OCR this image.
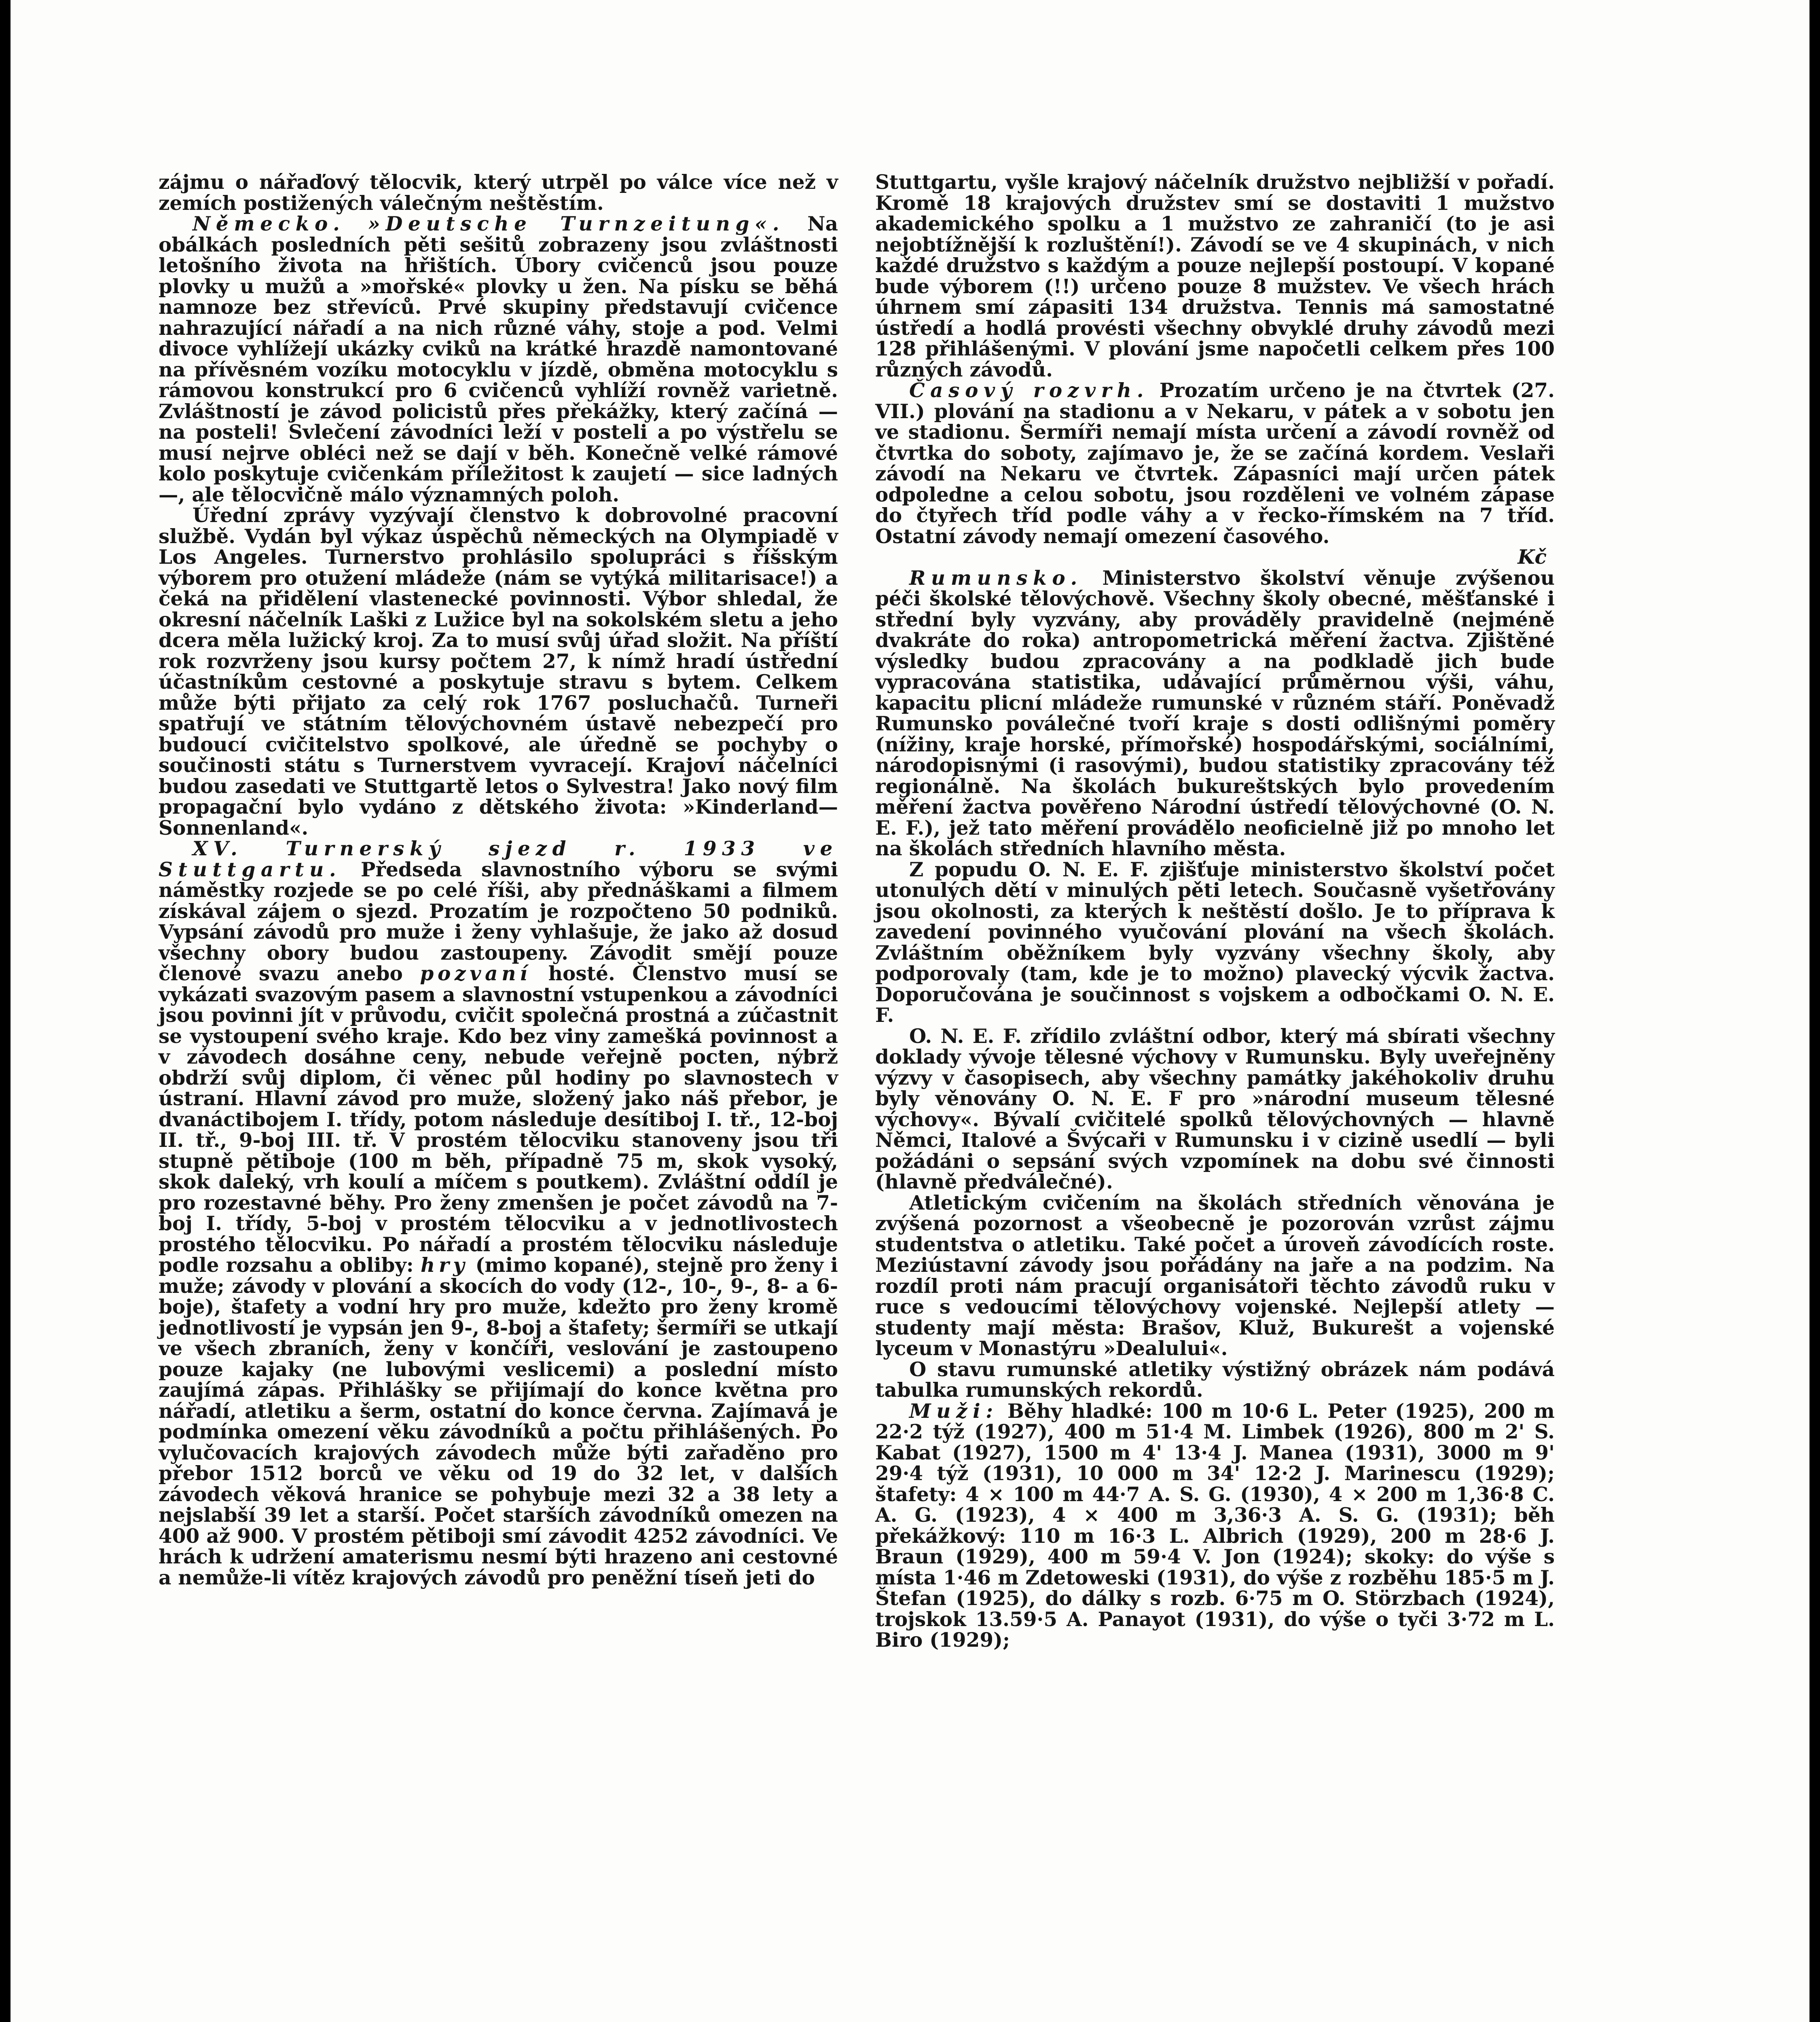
zájmu o nářaďový tělocvik, který utrpěl po válce více než v zemích postižených válečným neštěstím.

Německo. »Deutsche Turnzeitung«. Na obálkách posledních pěti sešitů zobrazeny jsou zvláštnosti letošního života na hřištích. Úbory cvičenců jsou pouze plovky u mužů a »mořské« plovky u žen. Na písku se běhá namnoze bez střevíců. Prvé skupiny představují cvičence nahrazující nářadí a na nich různé váhy, stoje a pod. Velmi divoce vyhlížejí ukázky cviků na krátké hrazdě namontované na přívěsném vozíku motocyklu v jízdě, obměna motocyklu s rámovou konstrukcí pro 6 cvičenců vyhlíží rovněž varietně. Zvláštností je závod policistů přes překážky, který začíná — na posteli! Svlečení závodníci leží v posteli a po výstřelu se musí nejrve obléci než se dají v běh. Konečně velké rámové kolo poskytuje cvičenkám příležitost k zaujetí — sice ladných —, ale tělocvičně málo významných poloh.

Úřední zprávy vyzývají členstvo k dobrovolné pracovní službě. Vydán byl výkaz úspěchů německých na Olympiadě v Los Angeles. Turnerstvo prohlásilo spolupráci s říšským výborem pro otužení mládeže (nám se vytýká militarisace!) a čeká na přidělení vlastenecké povinnosti. Výbor shledal, že okresní náčelník Laški z Lužice byl na sokolském sletu a jeho dcera měla lužický kroj. Za to musí svůj úřad složit. Na příští rok rozvrženy jsou kursy počtem 27, k nímž hradí ústřední účastníkům cestovné a poskytuje stravu s bytem. Celkem může býti přijato za celý rok 1767 posluchačů. Turneři spatřují ve státním tělovýchovném ústavě nebezpečí pro budoucí cvičitelstvo spolkové, ale úředně se pochyby o součinosti státu s Turnerstvem vyvracejí. Krajoví náčelníci budou zasedati ve Stuttgartě letos o Sylvestra! Jako nový film propagační bylo vydáno z dětského života: »Kinderland—Sonnenland«.

XV. Turnerský sjezd r. 1933 ve Stuttgartu. Předseda slavnostního výboru se svými náměstky rozjede se po celé říši, aby přednáškami a filmem získával zájem o sjezd. Prozatím je rozpočteno 50 podniků. Vypsání závodů pro muže i ženy vyhlašuje, že jako až dosud všechny obory budou zastoupeny. Závodit smějí pouze členové svazu anebo pozvaní hosté. Členstvo musí se vykázati svazovým pasem a slavnostní vstupenkou a závodníci jsou povinni jít v průvodu, cvičit společná prostná a zúčastnit se vystoupení svého kraje. Kdo bez viny zamešká povinnost a v závodech dosáhne ceny, nebude veřejně pocten, nýbrž obdrží svůj diplom, či věnec půl hodiny po slavnostech v ústraní. Hlavní závod pro muže, složený jako náš přebor, je dvanáctibojem I. třídy, potom následuje desítiboj I. tř., 12-boj II. tř., 9-boj III. tř. V prostém tělocviku stanoveny jsou tři stupně pětiboje (100 m běh, případně 75 m, skok vysoký, skok daleký, vrh koulí a míčem s poutkem). Zvláštní oddíl je pro rozestavné běhy. Pro ženy zmenšen je počet závodů na 7-boj I. třídy, 5-boj v prostém tělocviku a v jednotlivostech prostého tělocviku. Po nářadí a prostém tělocviku následuje podle rozsahu a obliby: hry (mimo kopané), stejně pro ženy i muže; závody v plování a skocích do vody (12-, 10-, 9-, 8- a 6-boje), štafety a vodní hry pro muže, kdežto pro ženy kromě jednotlivostí je vypsán jen 9-, 8-boj a štafety; šermíři se utkají ve všech zbraních, ženy v končíři, veslování je zastoupeno pouze kajaky (ne lubovými veslicemi) a poslední místo zaujímá zápas. Přihlášky se přijímají do konce května pro nářadí, atletiku a šerm, ostatní do konce června. Zajímavá je podmínka omezení věku závodníků a počtu přihlášených. Po vylučovacích krajových závodech může býti zařaděno pro přebor 1512 borců ve věku od 19 do 32 let, v dalších závodech věková hranice se pohybuje mezi 32 a 38 lety a nejslabší 39 let a starší. Počet starších závodníků omezen na 400 až 900. V prostém pětiboji smí závodit 4252 závodníci. Ve hrách k udržení amaterismu nesmí býti hrazeno ani cestovné a nemůže-li vítěz krajových závodů pro peněžní tíseň jeti do

Stuttgartu, vyšle krajový náčelník družstvo nejbližší v pořadí. Kromě 18 krajových družstev smí se dostaviti 1 mužstvo akademického spolku a 1 mužstvo ze zahraničí (to je asi nejobtížnější k rozluštění!). Závodí se ve 4 skupinách, v nich každé družstvo s každým a pouze nejlepší postoupí. V kopané bude výborem (!!) určeno pouze 8 mužstev. Ve všech hrách úhrnem smí zápasiti 134 družstva. Tennis má samostatné ústředí a hodlá provésti všechny obvyklé druhy závodů mezi 128 přihlášenými. V plování jsme napočetli celkem přes 100 různých závodů.

Časový rozvrh. Prozatím určeno je na čtvrtek (27. VII.) plování na stadionu a v Nekaru, v pátek a v sobotu jen ve stadionu. Šermíři nemají místa určení a závodí rovněž od čtvrtka do soboty, zajímavo je, že se začíná kordem. Veslaři závodí na Nekaru ve čtvrtek. Zápasníci mají určen pátek odpoledne a celou sobotu, jsou rozděleni ve volném zápase do čtyřech tříd podle váhy a v řecko-římském na 7 tříd. Ostatní závody nemají omezení časového.
Kč

Rumunsko. Ministerstvo školství věnuje zvýšenou péči školské tělovýchově. Všechny školy obecné, měšťanské i střední byly vyzvány, aby prováděly pravidelně (nejméně dvakráte do roka) antropometrická měření žactva. Zjištěné výsledky budou zpracovány a na podkladě jich bude vypracována statistika, udávající průměrnou výši, váhu, kapacitu plicní mládeže rumunské v různém stáří. Poněvadž Rumunsko poválečné tvoří kraje s dosti odlišnými poměry (nížiny, kraje horské, přímořské) hospodářskými, sociálními, národopisnými (i rasovými), budou statistiky zpracovány též regionálně. Na školách bukureštských bylo provedením měření žactva pověřeno Národní ústředí tělovýchovné (O. N. E. F.), jež tato měření provádělo neoficielně již po mnoho let na školách středních hlavního města.

Z popudu O. N. E. F. zjišťuje ministerstvo školství počet utonulých dětí v minulých pěti letech. Současně vyšetřovány jsou okolnosti, za kterých k neštěstí došlo. Je to příprava k zavedení povinného vyučování plování na všech školách. Zvláštním oběžníkem byly vyzvány všechny školy, aby podporovaly (tam, kde je to možno) plavecký výcvik žactva. Doporučována je součinnost s vojskem a odbočkami O. N. E. F.

O. N. E. F. zřídilo zvláštní odbor, který má sbírati všechny doklady vývoje tělesné výchovy v Rumunsku. Byly uveřejněny výzvy v časopisech, aby všechny památky jakéhokoliv druhu byly věnovány O. N. E. F pro »národní museum tělesné výchovy«. Bývalí cvičitelé spolků tělovýchovných — hlavně Němci, Italové a Švýcaři v Rumunsku i v cizině usedlí — byli požádáni o sepsání svých vzpomínek na dobu své činnosti (hlavně předválečné).

Atletickým cvičením na školách středních věnována je zvýšená pozornost a všeobecně je pozorován vzrůst zájmu studentstva o atletiku. Také počet a úroveň závodících roste. Meziústavní závody jsou pořádány na jaře a na podzim. Na rozdíl proti nám pracují organisátoři těchto závodů ruku v ruce s vedoucími tělovýchovy vojenské. Nejlepší atlety — studenty mají města: Brašov, Kluž, Bukurešt a vojenské lyceum v Monastýru »Dealului«.

O stavu rumunské atletiky výstižný obrázek nám podává tabulka rumunských rekordů.

Muži: Běhy hladké: 100 m 10·6 L. Peter (1925), 200 m 22·2 týž (1927), 400 m 51·4 M. Limbek (1926), 800 m 2' S. Kabat (1927), 1500 m 4' 13·4 J. Manea (1931), 3000 m 9' 29·4 týž (1931), 10 000 m 34' 12·2 J. Marinescu (1929); štafety: 4 × 100 m 44·7 A. S. G. (1930), 4 × 200 m 1,36·8 C. A. G. (1923), 4 × 400 m 3,36·3 A. S. G. (1931); běh překážkový: 110 m 16·3 L. Albrich (1929), 200 m 28·6 J. Braun (1929), 400 m 59·4 V. Jon (1924); skoky: do výše s místa 1·46 m Zdetoweski (1931), do výše z rozběhu 185·5 m J. Štefan (1925), do dálky s rozb. 6·75 m O. Störzbach (1924), trojskok 13.59·5 A. Panayot (1931), do výše o tyči 3·72 m L. Biro (1929);
